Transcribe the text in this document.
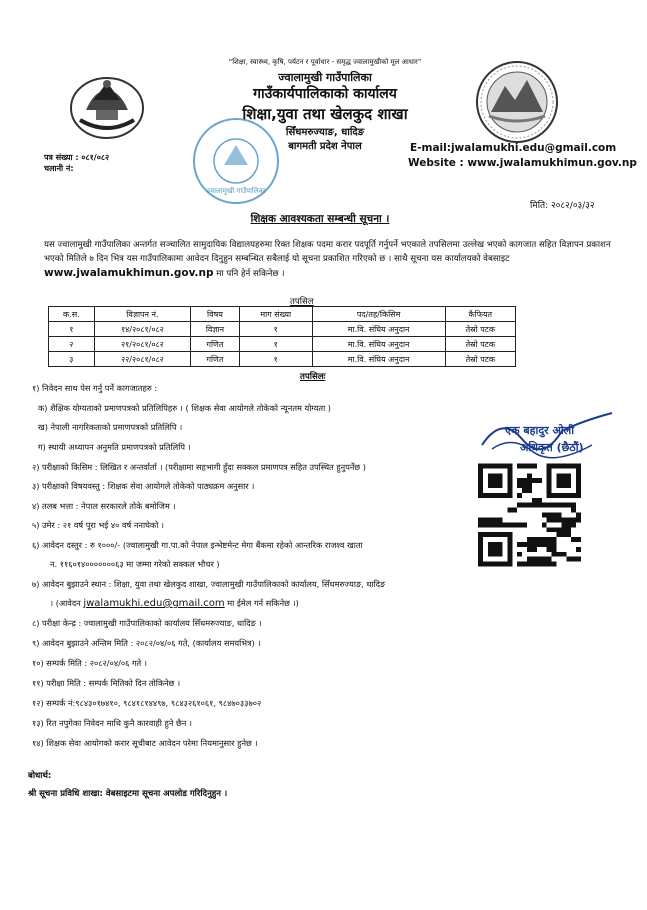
ज्वालामुखी गाउँपालिका
“शिक्षा, स्वास्थ्य, कृषि, पर्यटन र पूर्वाधार - समृद्ध ज्वालामुखीको मूल आधार”
ज्वालामुखी गाउँपालिका
गाउँकार्यपालिकाको कार्यालय
शिक्षा,युवा तथा खेलकुद शाखा
सिँधमरुज्याङ, धादिङ
बागमती प्रदेश नेपाल	E-mail:jwalamukhi.edu@gmail.com
Website : www.jwalamukhimun.gov.np
पत्र संख्या : ०८१/०८२
चलानी नं:
मिति: २०८२/०३/३२
शिक्षक आवश्यकता सम्बन्धी सूचना ।
यस ज्वालामुखी गाउँपालिका अन्तर्गत सञ्चालित सामुदायिक विद्यालयहरुमा रिक्त शिक्षक पदमा करार पदपूर्ति गर्नुपर्ने भएकाले तपसिलमा उल्लेख भएको कागजात सहित विज्ञापन प्रकाशन भएको मितिले ७ दिन भित्र यस गाउँपालिकामा आवेदन दिनुहुन सम्बन्धित सबैलाई यो सूचना प्रकाशित गरिएको छ । साथै सूचना यस कार्यालयको वेबसाइट www.jwalamukhimun.gov.np मा पनि हेर्न सकिनेछ ।
तपसिल
क.स.	विज्ञापन नं.	विषय	माग संख्या	पद/तह/किसिम	कैफियत
१	१४/२०८१/०८२	विज्ञान	१	मा.वि. संघिय अनुदान	तेस्रो पटक
२	२१/२०८१/०८२	गणित	१	मा.वि. संघिय अनुदान	तेस्रो पटक
३	२२/२०८१/०८२	गणित	१	मा.वि. संघिय अनुदान	तेस्रो पटक
तपसिलः
१) निवेदन साथ पेस गर्नु पर्ने कागजातहरु :
क) शैक्षिक योग्यताको प्रमाणपत्रको प्रतिलिपिहरु । ( शिक्षक सेवा आयोगले तोकेको न्यूनतम योग्यता )
ख) नेपाली नागरिकताको प्रमाणपत्रको प्रतिलिपि ।
ग) स्थायी अध्यापन अनुमति प्रमाणपत्रको प्रतिलिपि ।
२) परीक्षाको किसिम : लिखित र अन्तर्वार्ता । (परीक्षामा सहभागी हुँदा सक्कल प्रमाणपत्र सहित उपस्थित हुनुपर्नेछ )
३) परीक्षाको विषयवस्तु : शिक्षक सेवा आयोगले तोकेको पाठ्यक्रम अनुसार ।
४) तलब भत्ता : नेपाल सरकारले तोके बमोजिम ।
५) उमेर : २१ वर्ष पूरा भई ४० वर्ष ननाघेको ।
६) आवेदन दस्तुर : रु १०००/- (ज्वालामुखी गा.पा.को नेपाल इन्भेष्टमेन्ट मेगा बैंकमा रहेको आन्तरिक राजश्व खाता
न. ११६०१४०००००००६३ मा जम्मा गरेको सक्कल भौचर )
७) आवेदन बुझाउने स्थान : शिक्षा, युवा तथा खेलकुद शाखा, ज्वालामुखी गाउँपालिकाको कार्यालय, सिँधमरुज्याङ, धादिङ
। (आवेदन jwalamukhi.edu@gmail.com मा ईमेल गर्न सकिनेछ ।)
८) परीक्षा केन्द्र : ज्वालामुखी गाउँपालिकाको कार्यालय सिँधमरुज्याङ, धादिङ ।
९) आवेदन बुझाउने अन्तिम मिति : २०८२/०४/०६ गते, (कार्यालय समयभित्र) ।
१०) सम्पर्क मिति : २०८२/०४/०६ गते ।
११) परीक्षा मिति : सम्पर्क मितिको दिन तोकिनेछ ।
१२) सम्पर्क नं:९८४३०१७४१०, ९८४१८१४४९७, ९८४३२६१०६१, ९८४७०३३७०२
१३) रित नपुगेका निवेदन माथि कुनै कारवाही हुने छैन ।
१४) शिक्षक सेवा आयोगको करार सूचीबाट आवेदन परेमा नियमानुसार हुनेछ ।
बोधार्थ:
श्री सूचना प्रविधि शाखा: वेबसाइटमा सूचना अपलोड गरिदिनुहुन ।
एक बहादुर ओली
अधिकृत (छैठौं)
